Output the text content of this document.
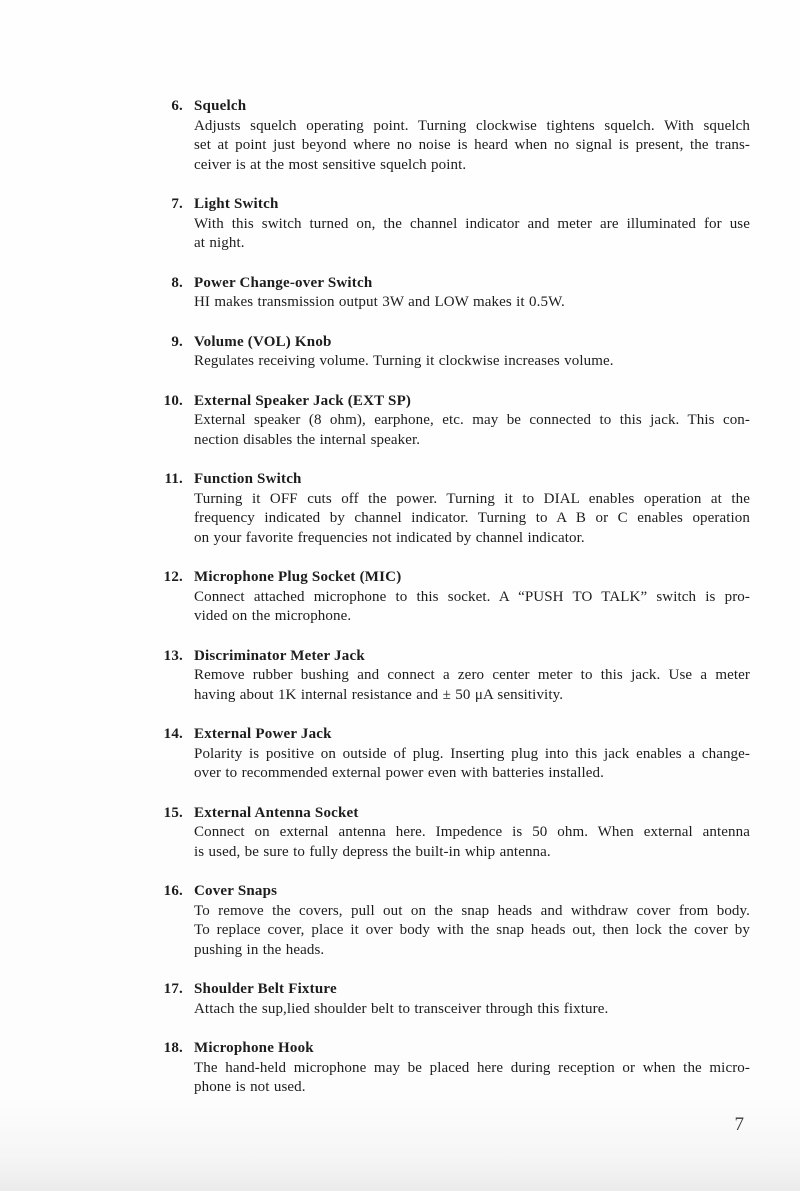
6. Squelch
Adjusts squelch operating point. Turning clockwise tightens squelch. With squelch
set at point just beyond where no noise is heard when no signal is present, the trans-
ceiver is at the most sensitive squelch point.
7. Light Switch
With this switch turned on, the channel indicator and meter are illuminated for use
at night.
8. Power Change-over Switch
HI makes transmission output 3W and LOW makes it 0.5W.
9. Volume (VOL) Knob
Regulates receiving volume. Turning it clockwise increases volume.
10. External Speaker Jack (EXT SP)
External speaker (8 ohm), earphone, etc. may be connected to this jack. This con-
nection disables the internal speaker.
11. Function Switch
Turning it OFF cuts off the power. Turning it to DIAL enables operation at the
frequency indicated by channel indicator. Turning to A B or C enables operation
on your favorite frequencies not indicated by channel indicator.
12. Microphone Plug Socket (MIC)
Connect attached microphone to this socket. A “PUSH TO TALK” switch is pro-
vided on the microphone.
13. Discriminator Meter Jack
Remove rubber bushing and connect a zero center meter to this jack. Use a meter
having about 1K internal resistance and ± 50 μA sensitivity.
14. External Power Jack
Polarity is positive on outside of plug. Inserting plug into this jack enables a change-
over to recommended external power even with batteries installed.
15. External Antenna Socket
Connect on external antenna here. Impedence is 50 ohm. When external antenna
is used, be sure to fully depress the built-in whip antenna.
16. Cover Snaps
To remove the covers, pull out on the snap heads and withdraw cover from body.
To replace cover, place it over body with the snap heads out, then lock the cover by
pushing in the heads.
17. Shoulder Belt Fixture
Attach the sup,lied shoulder belt to transceiver through this fixture.
18. Microphone Hook
The hand-held microphone may be placed here during reception or when the micro-
phone is not used.
7
